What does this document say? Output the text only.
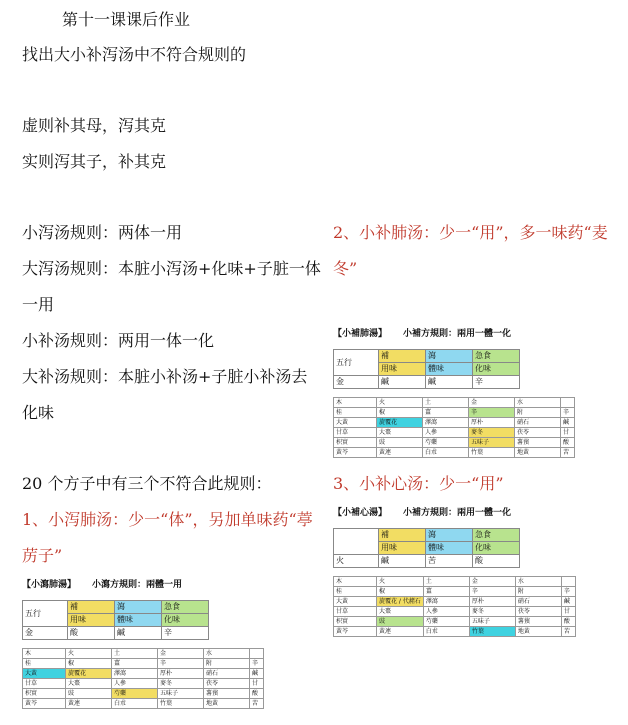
第十一课课后作业
找出大小补泻汤中不符合规则的
虚则补其母，泻其克
实则泻其子，补其克
小泻汤规则：两体一用
大泻汤规则：本脏小泻汤+化味+子脏一体
一用
小补汤规则：两用一体一化
大补汤规则：本脏小补汤+子脏小补汤去
化味
20 个方子中有三个不符合此规则：
1、小泻肺汤：少一“体”，另加单味药“葶
苈子”
2、小补肺汤：少一“用”，多一味药“麦
冬”
3、小补心汤：少一“用”
【小瀉肺湯】 小瀉方規則：兩體一用
五行	補	瀉	急食
	用味	體味	化味
金	酸	鹹	辛
木	火	土	金	水	
桂	椒	薑	辛	附	辛
大黃	旋覆花	澤瀉	厚朴	硝石	鹹
甘草	大棗	人參	麥冬	茯苓	甘
枳實	豉	芍藥	五味子	薯蕷	酸
黃芩	黃連	白朮	竹葉	地黃	苦
【小補肺湯】 小補方規則：兩用一體一化
五行	補	瀉	急食
	用味	體味	化味
金	鹹	鹹	辛
木	火	土	金	水	
桂	椒	薑	辛	附	辛
大黃	旋覆花	澤瀉	厚朴	硝石	鹹
甘草	大棗	人參	麥冬	茯苓	甘
枳實	豉	芍藥	五味子	薯蕷	酸
黃芩	黃連	白朮	竹葉	地黃	苦
【小補心湯】 小補方規則：兩用一體一化
	補	瀉	急食
	用味	體味	化味
火	鹹	苦	酸
木	火	土	金	水	
桂	椒	薑	辛	附	辛
大黃	旋覆花 / 代赭石	澤瀉	厚朴	硝石	鹹
甘草	大棗	人參	麥冬	茯苓	甘
枳實	豉	芍藥	五味子	薯蕷	酸
黃芩	黃連	白朮	竹葉	地黃	苦
